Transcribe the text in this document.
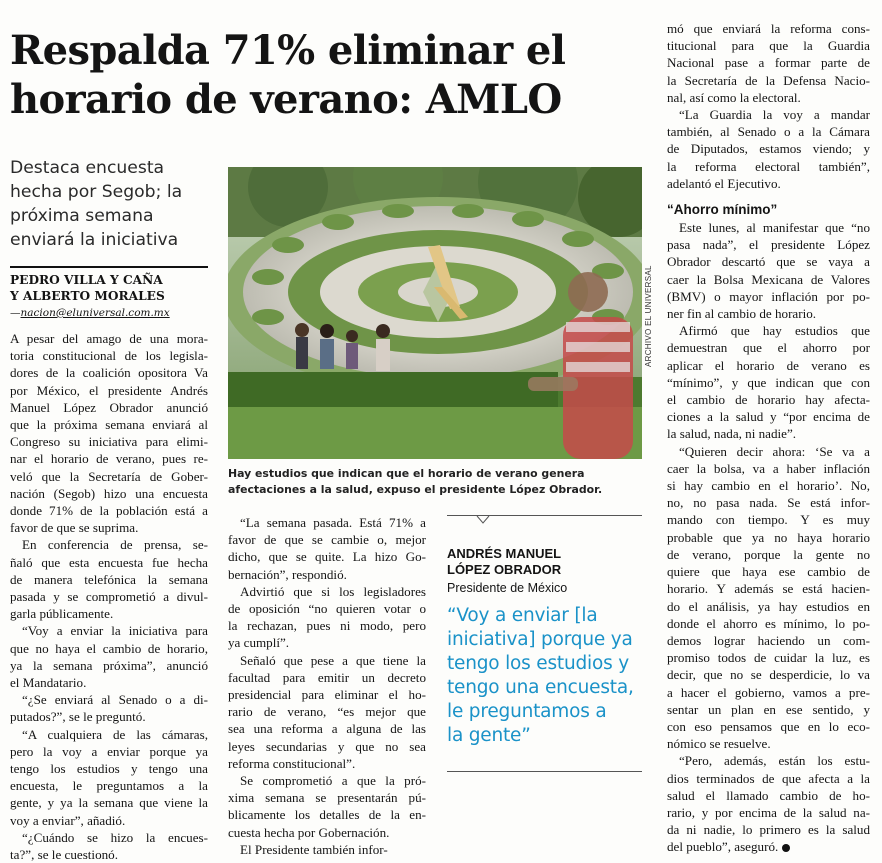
Respalda 71% eliminar el
horario de verano: AMLO
Destaca encuesta
hecha por Segob; la
próxima semana
enviará la iniciativa
PEDRO VILLA Y CAÑA
Y ALBERTO MORALES
—nacion@eluniversal.com.mx

A pesar del amago de una mora-
toria constitucional de los legisla-
dores de la coalición opositora Va
por México, el presidente Andrés
Manuel López Obrador anunció
que la próxima semana enviará al
Congreso su iniciativa para elimi-
nar el horario de verano, pues re-
veló que la Secretaría de Gober-
nación (Segob) hizo una encuesta
donde 71% de la población está a
favor de que se suprima.

En conferencia de prensa, se-
ñaló que esta encuesta fue hecha
de manera telefónica la semana
pasada y se comprometió a divul-
garla públicamente.

“Voy a enviar la iniciativa para
que no haya el cambio de horario,
ya la semana próxima”, anunció
el Mandatario.

“¿Se enviará al Senado o a di-
putados?”, se le preguntó.

“A cualquiera de las cámaras,
pero la voy a enviar porque ya
tengo los estudios y tengo una
encuesta, le preguntamos a la
gente, y ya la semana que viene la
voy a enviar”, añadió.

“¿Cuándo se hizo la encues-
ta?”, se le cuestionó.

ARCHIVO EL UNIVERSAL
Hay estudios que indican que el horario de verano genera
afectaciones a la salud, expuso el presidente López Obrador.

“La semana pasada. Está 71% a
favor de que se cambie o, mejor
dicho, que se quite. La hizo Go-
bernación”, respondió.

Advirtió que si los legisladores
de oposición “no quieren votar o
la rechazan, pues ni modo, pero
ya cumplí”.

Señaló que pese a que tiene la
facultad para emitir un decreto
presidencial para eliminar el ho-
rario de verano, “es mejor que
sea una reforma a alguna de las
leyes secundarias y que no sea
reforma constitucional”.

Se comprometió a que la pró-
xima semana se presentarán pú-
blicamente los detalles de la en-
cuesta hecha por Gobernación.

El Presidente también infor-

ANDRÉS MANUEL
LÓPEZ OBRADOR
Presidente de México
“Voy a enviar [la
iniciativa] porque ya
tengo los estudios y
tengo una encuesta,
le preguntamos a
la gente”

mó que enviará la reforma cons-
titucional para que la Guardia
Nacional pase a formar parte de
la Secretaría de la Defensa Nacio-
nal, así como la electoral.

“La Guardia la voy a mandar
también, al Senado o a la Cámara
de Diputados, estamos viendo; y
la reforma electoral también”,
adelantó el Ejecutivo.

“Ahorro mínimo”

Este lunes, al manifestar que “no
pasa nada”, el presidente López
Obrador descartó que se vaya a
caer la Bolsa Mexicana de Valores
(BMV) o mayor inflación por po-
ner fin al cambio de horario.

Afirmó que hay estudios que
demuestran que el ahorro por
aplicar el horario de verano es
“mínimo”, y que indican que con
el cambio de horario hay afecta-
ciones a la salud y “por encima de
la salud, nada, ni nadie”.

“Quieren decir ahora: ‘Se va a
caer la bolsa, va a haber inflación
si hay cambio en el horario’. No,
no, no pasa nada. Se está infor-
mando con tiempo. Y es muy
probable que ya no haya horario
de verano, porque la gente no
quiere que haya ese cambio de
horario. Y además se está hacien-
do el análisis, ya hay estudios en
donde el ahorro es mínimo, lo po-
demos lograr haciendo un com-
promiso todos de cuidar la luz, es
decir, que no se desperdicie, lo va
a hacer el gobierno, vamos a pre-
sentar un plan en ese sentido, y
con eso pensamos que en lo eco-
nómico se resuelve.

“Pero, además, están los estu-
dios terminados de que afecta a la
salud el llamado cambio de ho-
rario, y por encima de la salud na-
da ni nadie, lo primero es la salud
del pueblo”, aseguró.
